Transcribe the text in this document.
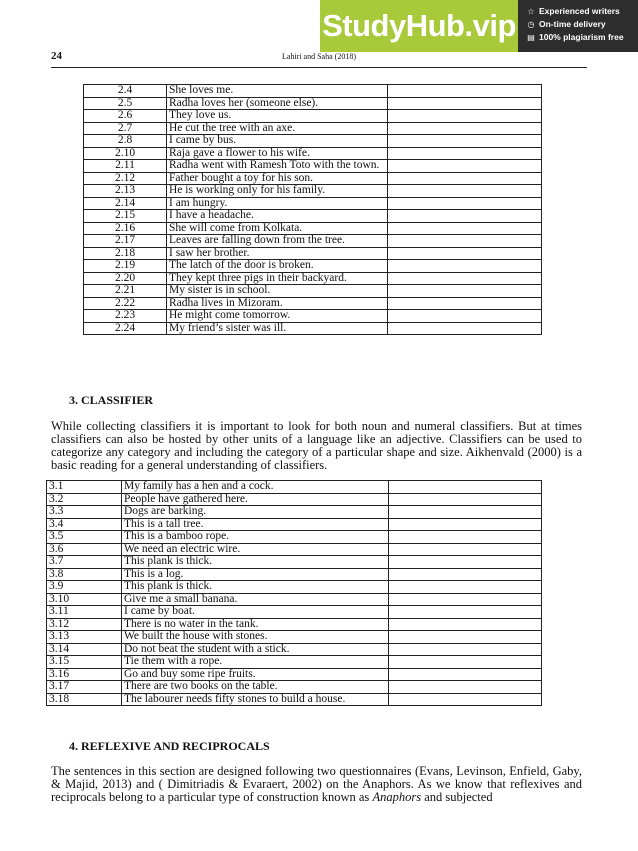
StudyHub.vip ☆ Experienced writers
◷ On-time delivery
▤ 100% plagiarism free
24	Lahiri and Saha (2018)
2.4	She loves me.	
2.5	Radha loves her (someone else).	
2.6	They love us.	
2.7	He cut the tree with an axe.	
2.8	I came by bus.	
2.10	Raja gave a flower to his wife.	
2.11	Radha went with Ramesh Toto with the town.	
2.12	Father bought a toy for his son.	
2.13	He is working only for his family.	
2.14	I am hungry.	
2.15	I have a headache.	
2.16	She will come from Kolkata.	
2.17	Leaves are falling down from the tree.	
2.18	I saw her brother.	
2.19	The latch of the door is broken.	
2.20	They kept three pigs in their backyard.	
2.21	My sister is in school.	
2.22	Radha lives in Mizoram.	
2.23	He might come tomorrow.	
2.24	My friend’s sister was ill.	
3. CLASSIFIER

While collecting classifiers it is important to look for both noun and numeral classifiers. But at times classifiers can also be hosted by other units of a language like an adjective. Classifiers can be used to categorize any category and including the category of a particular shape and size. Aikhenvald (2000) is a basic reading for a general understanding of classifiers.

3.1	My family has a hen and a cock.	
3.2	People have gathered here.	
3.3	Dogs are barking.	
3.4	This is a tall tree.	
3.5	This is a bamboo rope.	
3.6	We need an electric wire.	
3.7	This plank is thick.	
3.8	This is a log.	
3.9	This plank is thick.	
3.10	Give me a small banana.	
3.11	I came by boat.	
3.12	There is no water in the tank.	
3.13	We built the house with stones.	
3.14	Do not beat the student with a stick.	
3.15	Tie them with a rope.	
3.16	Go and buy some ripe fruits.	
3.17	There are two books on the table.	
3.18	The labourer needs fifty stones to build a house.	
4. REFLEXIVE AND RECIPROCALS

The sentences in this section are designed following two questionnaires (Evans, Levinson, Enfield, Gaby, & Majid, 2013) and ( Dimitriadis & Evaraert, 2002) on the Anaphors. As we know that reflexives and reciprocals belong to a particular type of construction known as Anaphors and subjected
